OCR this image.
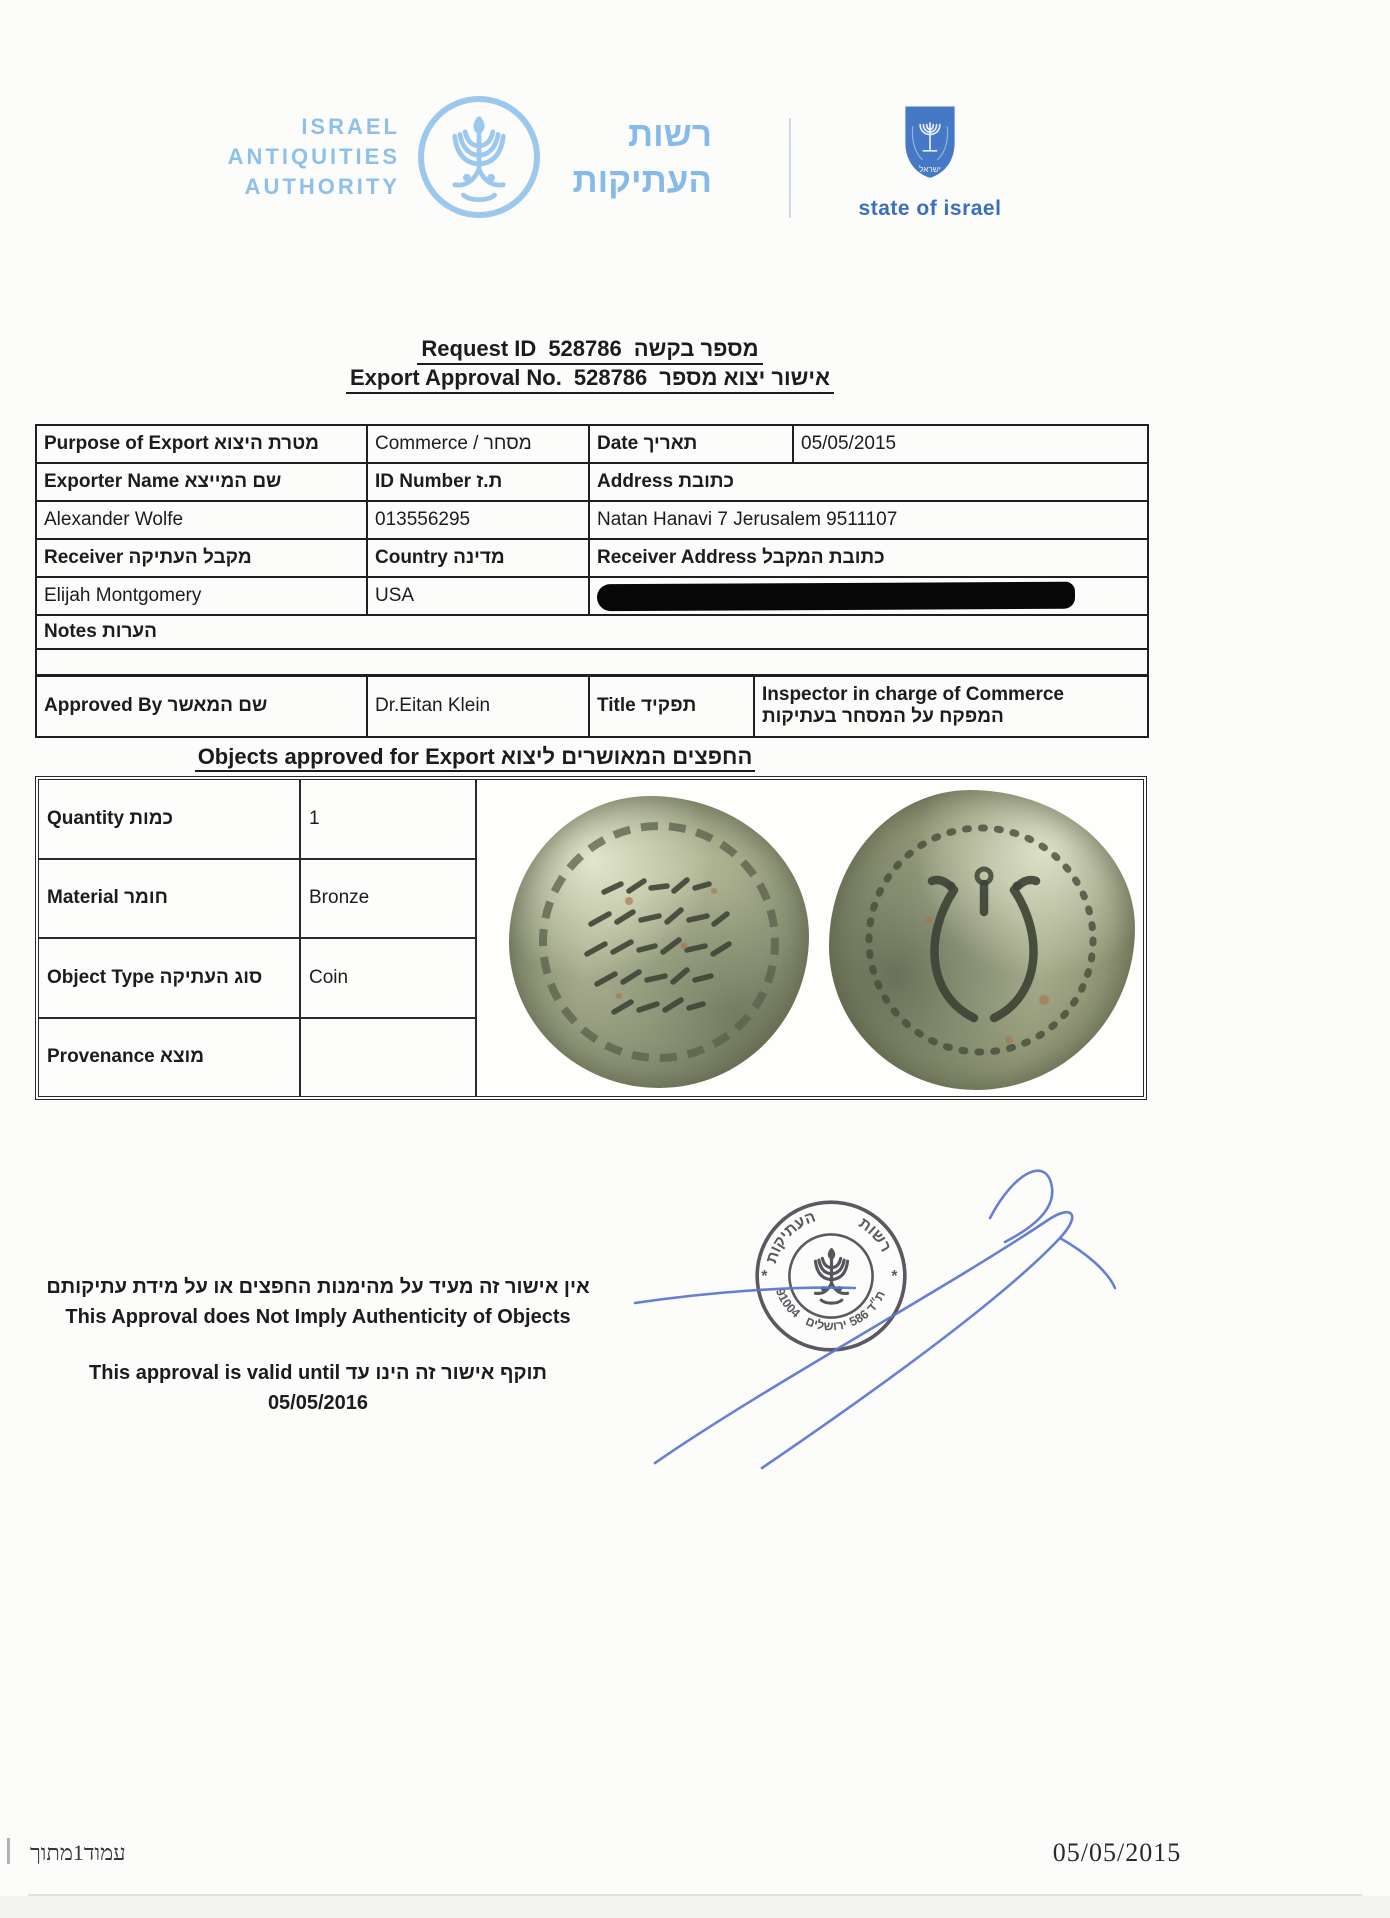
ISRAEL
ANTIQUITIES
AUTHORITY
רשות
העתיקות	ישראל
state of israel
Request ID 528786 מספר בקשה
Export Approval No. 528786 אישור יצוא מספר
Purpose of Export מטרת היצוא	Commerce / מסחר	Date תאריך		05/05/2015
Exporter Name שם המייצא	ID Number ת.ז	Address כתובת		
Alexander Wolfe	013556295	Natan Hanavi 7 Jerusalem 9511107		
Receiver מקבל העתיקה	Country מדינה	Receiver Address כתובת המקבל		
Elijah Montgomery	USA			

Notes הערות				

Approved By שם המאשר	Dr.Eitan Klein	Title תפקיד	Inspector in charge of Commerce
המפקח על המסחר בעתיקות	
Objects approved for Export החפצים המאושרים ליצוא
Quantity כמות	1
Material חומר	Bronze
Object Type סוג העתיקה	Coin
Provenance מוצא
אין אישור זה מעיד על מהימנות החפצים או על מידת עתיקותם
This Approval does Not Imply Authenticity of Objects
This approval is valid until תוקף אישור זה הינו עד
05/05/2016
העתיקות	רשות
91004
ירושלים
586
ת״ד
*	*
עמוד1מתוך	05/05/2015
